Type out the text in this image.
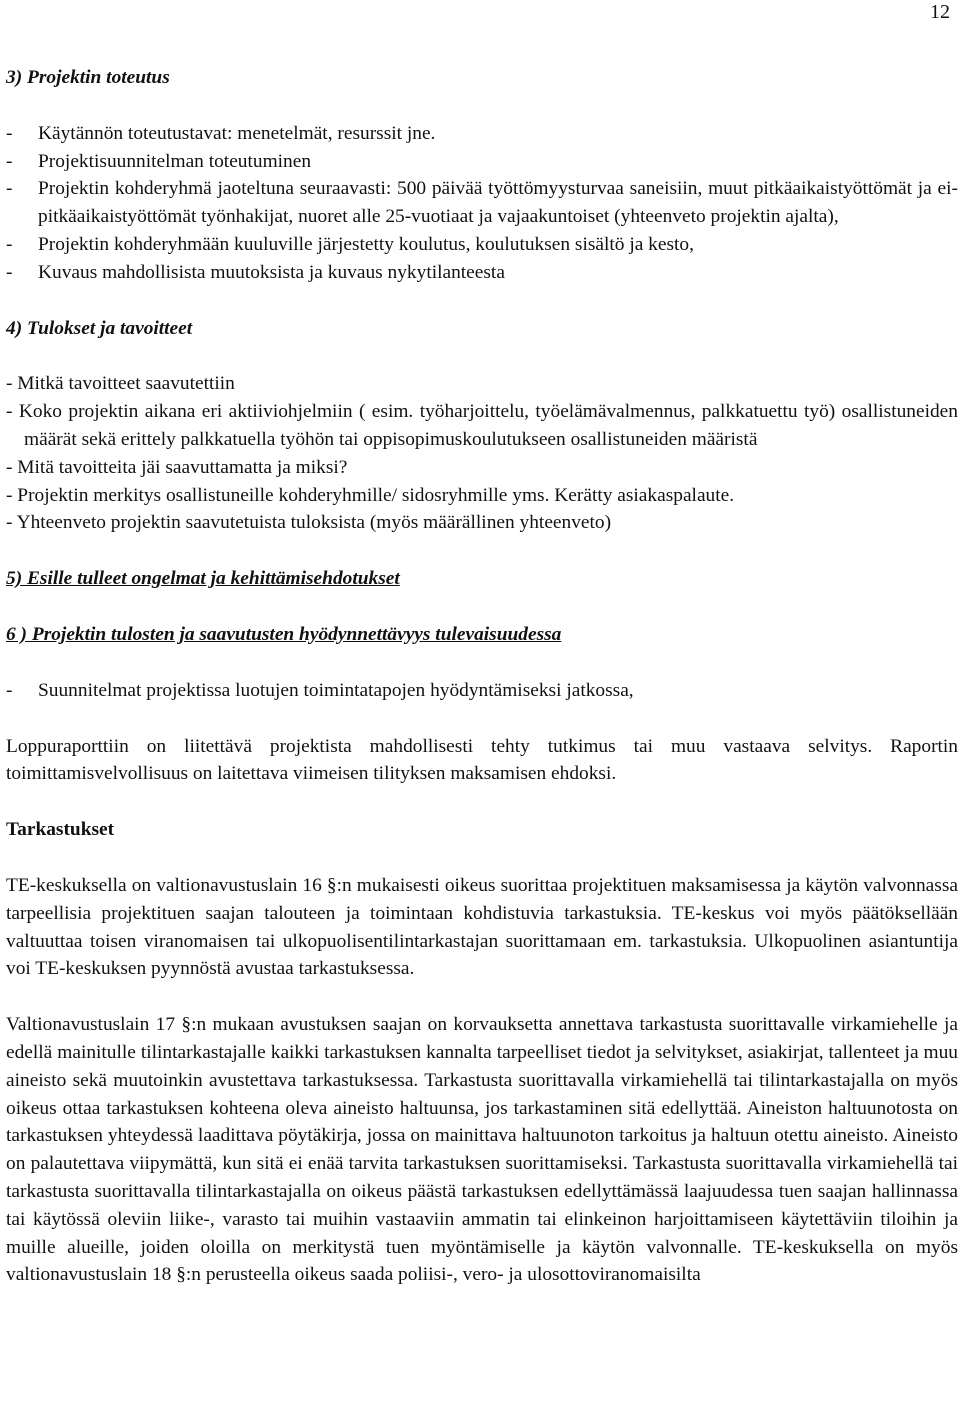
12

3) Projektin toteutus

- Käytännön toteutustavat: menetelmät, resurssit jne.
- Projektisuunnitelman toteutuminen
- Projektin kohderyhmä jaoteltuna seuraavasti: 500 päivää työttömyysturvaa saneisiin, muut pitkäaikaistyöttömät ja ei-pitkäaikaistyöttömät työnhakijat, nuoret alle 25-vuotiaat ja vajaakuntoiset (yhteenveto projektin ajalta),
- Projektin kohderyhmään kuuluville järjestetty koulutus, koulutuksen sisältö ja kesto,
- Kuvaus mahdollisista muutoksista ja kuvaus nykytilanteesta

4) Tulokset ja tavoitteet

- Mitkä tavoitteet saavutettiin

- Koko projektin aikana eri aktiiviohjelmiin ( esim. työharjoittelu, työelämävalmennus, palkkatuettu työ) osallistuneiden määrät sekä erittely palkkatuella työhön tai oppisopimuskoulutukseen osallistuneiden määristä

- Mitä tavoitteita jäi saavuttamatta ja miksi?

- Projektin merkitys osallistuneille kohderyhmille/ sidosryhmille yms. Kerätty asiakaspalaute.

- Yhteenveto projektin saavutetuista tuloksista (myös määrällinen yhteenveto)

5) Esille tulleet ongelmat ja kehittämisehdotukset

6 ) Projektin tulosten ja saavutusten hyödynnettävyys tulevaisuudessa

- Suunnitelmat projektissa luotujen toimintatapojen hyödyntämiseksi jatkossa,

Loppuraporttiin on liitettävä projektista mahdollisesti tehty tutkimus tai muu vastaava selvitys. Raportin toimittamisvelvollisuus on laitettava viimeisen tilityksen maksamisen ehdoksi.

Tarkastukset

TE-keskuksella on valtionavustuslain 16 §:n mukaisesti oikeus suorittaa projektituen maksamisessa ja käytön valvonnassa tarpeellisia projektituen saajan talouteen ja toimintaan kohdistuvia tarkastuksia. TE-keskus voi myös päätöksellään valtuuttaa toisen viranomaisen tai ulkopuolisentilintarkastajan suorittamaan em. tarkastuksia. Ulkopuolinen asiantuntija voi TE-keskuksen pyynnöstä avustaa tarkastuksessa.

Valtionavustuslain 17 §:n mukaan avustuksen saajan on korvauksetta annettava tarkastusta suorittavalle virkamiehelle ja edellä mainitulle tilintarkastajalle kaikki tarkastuksen kannalta tarpeelliset tiedot ja selvitykset, asiakirjat, tallenteet ja muu aineisto sekä muutoinkin avustettava tarkastuksessa. Tarkastusta suorittavalla virkamiehellä tai tilintarkastajalla on myös oikeus ottaa tarkastuksen kohteena oleva aineisto haltuunsa, jos tarkastaminen sitä edellyttää. Aineiston haltuunotosta on tarkastuksen yhteydessä laadittava pöytäkirja, jossa on mainittava haltuunoton tarkoitus ja haltuun otettu aineisto. Aineisto on palautettava viipymättä, kun sitä ei enää tarvita tarkastuksen suorittamiseksi. Tarkastusta suorittavalla virkamiehellä tai tarkastusta suorittavalla tilintarkastajalla on oikeus päästä tarkastuksen edellyttämässä laajuudessa tuen saajan hallinnassa tai käytössä oleviin liike-, varasto tai muihin vastaaviin ammatin tai elinkeinon harjoittamiseen käytettäviin tiloihin ja muille alueille, joiden oloilla on merkitystä tuen myöntämiselle ja käytön valvonnalle. TE-keskuksella on myös valtionavustuslain 18 §:n perusteella oikeus saada poliisi-, vero- ja ulosottoviranomaisilta
